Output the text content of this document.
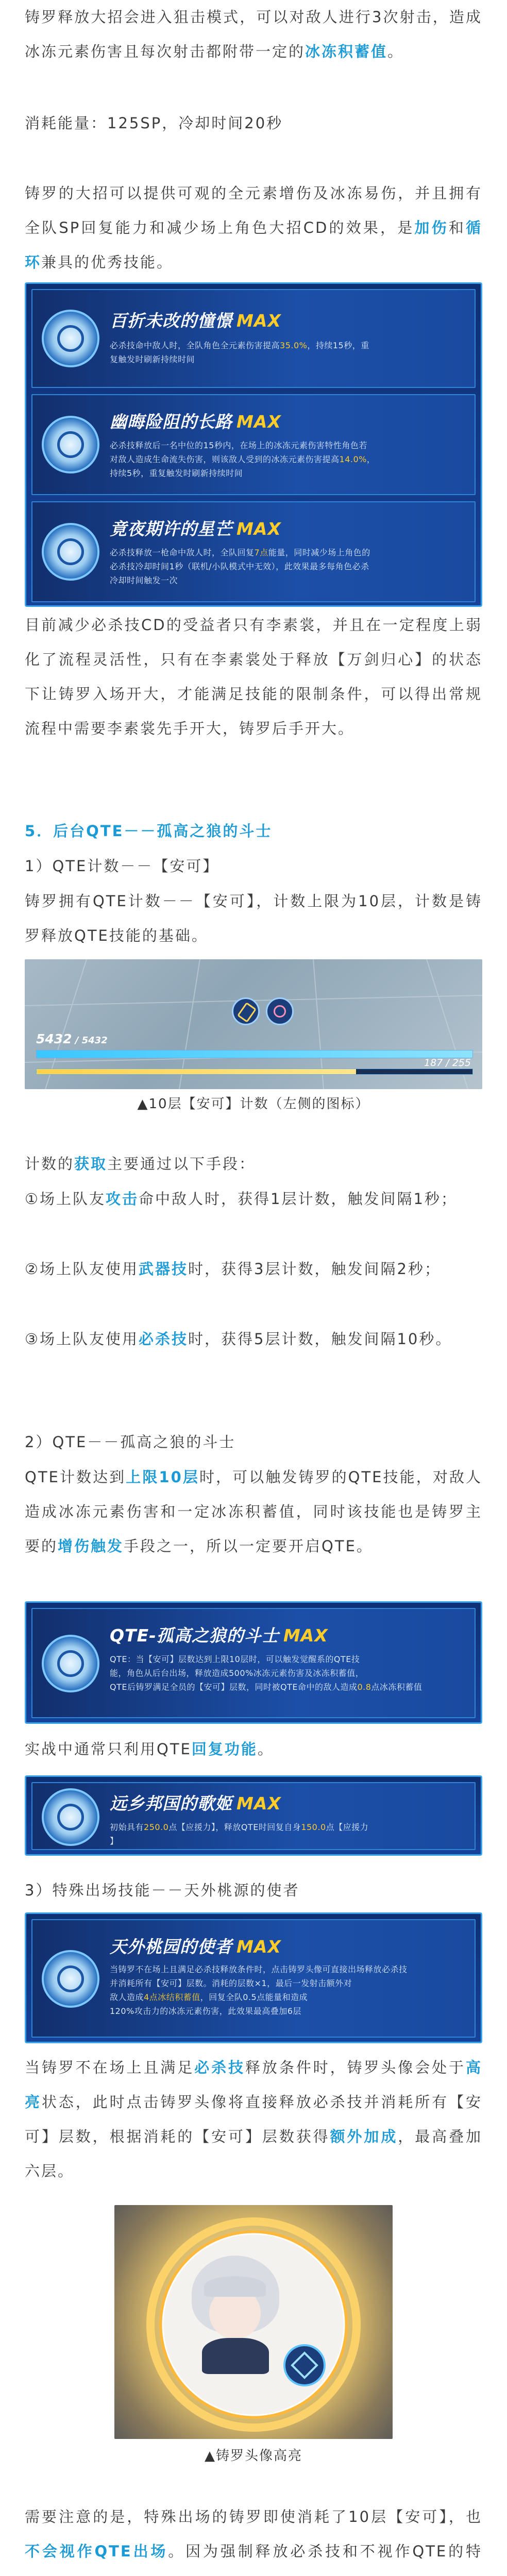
铸罗释放大招会进入狙击模式，可以对敌人进行3次射击，造成冰冻元素伤害且每次射击都附带一定的冰冻积蓄值。

消耗能量：125SP，冷却时间20秒

铸罗的大招可以提供可观的全元素增伤及冰冻易伤，并且拥有全队SP回复能力和减少场上角色大招CD的效果，是加伤和循环兼具的优秀技能。

百折未改的憧憬 MAX
必杀技命中敌人时，全队角色全元素伤害提高35.0%，持续15秒，重
复触发时刷新持续时间
幽晦险阻的长路 MAX
必杀技释放后一名中位的15秒内，在场上的冰冻元素伤害特性角色若
对敌人造成生命流失伤害，则该敌人受到的冰冻元素伤害提高14.0%，
持续5秒，重复触发时刷新持续时间
竟夜期许的星芒 MAX
必杀技释放一枪命中敌人时，全队回复7点能量，同时减少场上角色的
必杀技冷却时间1秒（联机/小队模式中无效），此效果最多每角色必杀
冷却时间触发一次

目前减少必杀技CD的受益者只有李素裳，并且在一定程度上弱化了流程灵活性，只有在李素裳处于释放【万剑归心】的状态下让铸罗入场开大，才能满足技能的限制条件，可以得出常规流程中需要李素裳先手开大，铸罗后手开大。

5．后台QTE－－孤高之狼的斗士

1）QTE计数－－【安可】

铸罗拥有QTE计数－－【安可】，计数上限为10层，计数是铸罗释放QTE技能的基础。

5432 / 5432
187 / 255
▲10层【安可】计数（左侧的图标）

计数的获取主要通过以下手段：

①场上队友攻击命中敌人时，获得1层计数，触发间隔1秒；

②场上队友使用武器技时，获得3层计数，触发间隔2秒；

③场上队友使用必杀技时，获得5层计数，触发间隔10秒。

2）QTE－－孤高之狼的斗士

QTE计数达到上限10层时，可以触发铸罗的QTE技能，对敌人造成冰冻元素伤害和一定冰冻积蓄值，同时该技能也是铸罗主要的增伤触发手段之一，所以一定要开启QTE。

QTE-孤高之狼的斗士 MAX
QTE：当【安可】层数达到上限10层时，可以触发觉醒系的QTE技
能，角色从后台出场，释放造成500%冰冻元素伤害及冰冻积蓄值，
QTE后铸罗满足全员的【安可】层数，同时被QTE命中的敌人造成0.8点冰冻积蓄值

实战中通常只利用QTE回复功能。

远乡邦国的歌姬 MAX
初始具有250.0点【应援力】，释放QTE时回复自身150.0点【应援力
】

3）特殊出场技能－－天外桃源的使者

天外桃园的使者 MAX
当铸罗不在场上且满足必杀技释放条件时，点击铸罗头像可直接出场释放必杀技
并消耗所有【安可】层数。消耗的层数×1，最后一发射击额外对
敌人造成4点冰结积蓄值，回复全队0.5点能量和造成
120%攻击力的冰冻元素伤害，此效果最高叠加6层

当铸罗不在场上且满足必杀技释放条件时，铸罗头像会处于高亮状态，此时点击铸罗头像将直接释放必杀技并消耗所有【安可】层数，根据消耗的【安可】层数获得额外加成，最高叠加六层。

▲铸罗头像高亮

需要注意的是，特殊出场的铸罗即使消耗了10层【安可】，也不会视作QTE出场。因为强制释放必杀技和不视作QTE的特
